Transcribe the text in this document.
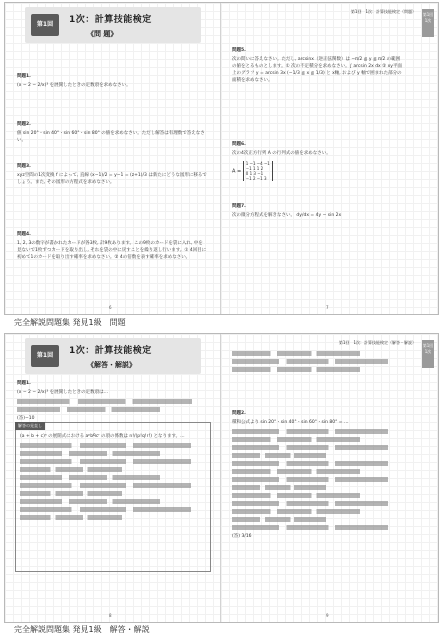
第1回	1次：計算技能検定
《問 題》
問題1.
(x − 2 − 2/x)³ を展開したときの定数項を求めなさい。
問題2.
値 sin 20°・sin 40°・sin 60°・sin 80° の値を求めなさい。ただし解答は有理数で答えなさい。
問題3.
xyz空間の1次変換 f によって, 直線 (x−1)/2 = y−1 = (z+1)/3 は新たにどうな図形に移るでしょう。また, その図形の方程式を求めなさい。
問題4.
1, 2, 3の数字が書かれたカードが各3枚, 計9枚あります。この9枚のカードを袋に入れ, 中を見ないで1枚ずつカードを取り出し, それを袋の中に戻すことを繰り返し行います。① 4回目に初めて1のカードを取り出す確率を求めなさい。② 4の倍数を表す確率を求めなさい。
6
第1回　1次：計算技能検定（問題）
第1回 1次
問題5.
次の問いに答えなさい。ただし, arcsinx（逆正弦関数）は −π/2 ≦ y ≦ π/2 の範囲の値をとるものとします。① 次の不定積分を求めなさい。∫ arcsin 2x dx ② xy平面上のグラフ y = arcsin 3x (−1/3 ≦ x ≦ 1/3) と x軸, および y 軸で囲まれた部分の面積を求めなさい。
問題6.
次の4次正方行列 A の行列式の値を求めなさい。
A = 1 −1 −4 −1
−1 1 1 2
0 1 3 −1
−1 2 −1 3
問題7.
次の微分方程式を解きなさい。 dy/dx = 4y − sin 2x
7
完全解説問題集 発見1級　問題
第1回	1次：計算技能検定
《解答・解説》
問題1.
(x − 2 − 2/x)³ を展開したときの定数項は…
(答)−10
解答の見直し
(a + b + c)ⁿ の展開式における aᵖbᑫcʳ の項の係数は n!/(p!q!r!) となります。…
8
第1回　1次：計算技能検定（解答・解説）
第1回 1次
問題2.
積和公式より sin 20°・sin 40°・sin 60°・sin 80° = …
(答) 3/16
9
完全解説問題集 発見1級　解答・解説
